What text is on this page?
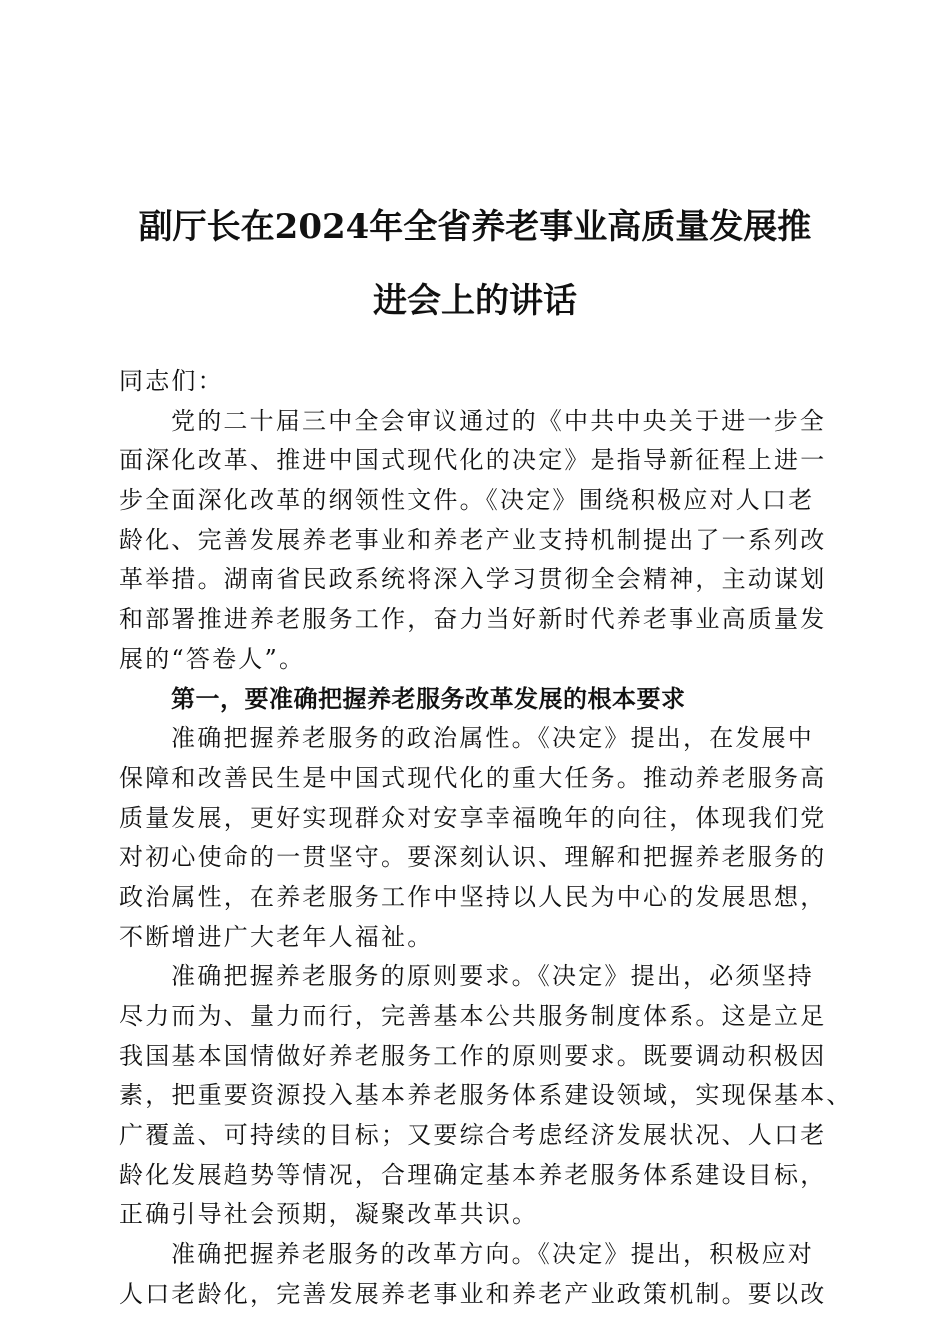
副厅长在2024年全省养老事业高质量发展推
进会上的讲话
同志们：
党的二十届三中全会审议通过的《中共中央关于进一步全
面深化改革、推进中国式现代化的决定》是指导新征程上进一
步全面深化改革的纲领性文件。《决定》围绕积极应对人口老
龄化、完善发展养老事业和养老产业支持机制提出了一系列改
革举措。湖南省民政系统将深入学习贯彻全会精神，主动谋划
和部署推进养老服务工作，奋力当好新时代养老事业高质量发
展的“答卷人”。
第一，要准确把握养老服务改革发展的根本要求
准确把握养老服务的政治属性。《决定》提出，在发展中
保障和改善民生是中国式现代化的重大任务。推动养老服务高
质量发展，更好实现群众对安享幸福晚年的向往，体现我们党
对初心使命的一贯坚守。要深刻认识、理解和把握养老服务的
政治属性，在养老服务工作中坚持以人民为中心的发展思想，
不断增进广大老年人福祉。
准确把握养老服务的原则要求。《决定》提出，必须坚持
尽力而为、量力而行，完善基本公共服务制度体系。这是立足
我国基本国情做好养老服务工作的原则要求。既要调动积极因
素，把重要资源投入基本养老服务体系建设领域，实现保基本、
广覆盖、可持续的目标；又要综合考虑经济发展状况、人口老
龄化发展趋势等情况，合理确定基本养老服务体系建设目标，
正确引导社会预期，凝聚改革共识。
准确把握养老服务的改革方向。《决定》提出，积极应对
人口老龄化，完善发展养老事业和养老产业政策机制。要以改
